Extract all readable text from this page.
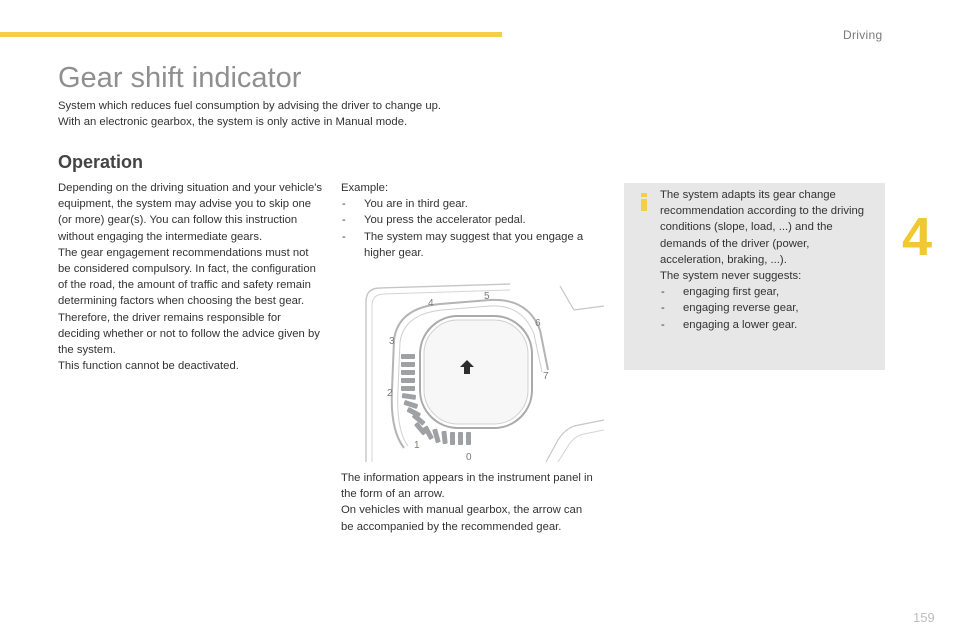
Driving
4
Gear shift indicator

System which reduces fuel consumption by advising the driver to change up.

With an electronic gearbox, the system is only active in Manual mode.

Operation

Depending on the driving situation and your vehicle's equipment, the system may advise you to skip one (or more) gear(s). You can follow this instruction without engaging the intermediate gears.

The gear engagement recommendations must not be considered compulsory. In fact, the configuration of the road, the amount of traffic and safety remain determining factors when choosing the best gear. Therefore, the driver remains responsible for deciding whether or not to follow the advice given by the system.

This function cannot be deactivated.

Example:

- You are in third gear.
- You press the accelerator pedal.
- The system may suggest that you engage a higher gear.
0
1
2
3
4
5
6
7

The information appears in the instrument panel in the form of an arrow.

On vehicles with manual gearbox, the arrow can be accompanied by the recommended gear.

The system adapts its gear change recommendation according to the driving conditions (slope, load, ...) and the demands of the driver (power, acceleration, braking, ...).

The system never suggests:

- engaging first gear,
- engaging reverse gear,
- engaging a lower gear.
159
